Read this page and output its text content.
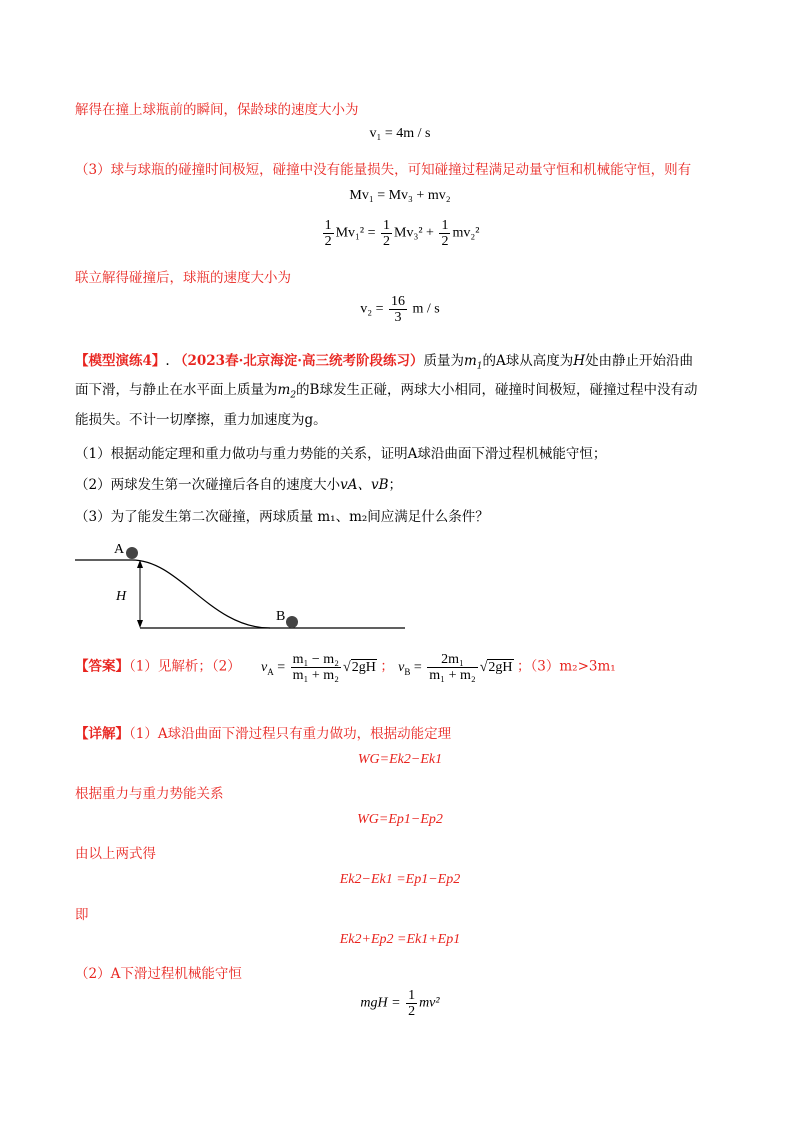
解得在撞上球瓶前的瞬间，保龄球的速度大小为
v₁ = 4m / s
（3）球与球瓶的碰撞时间极短，碰撞中没有能量损失，可知碰撞过程满足动量守恒和机械能守恒，则有
Mv₁ = Mv₃ + mv₂
$\frac{1}{2} Mv_1^2 = \frac{1}{2} Mv_3^2 + \frac{1}{2} mv_2^2$
联立解得碰撞后，球瓶的速度大小为
$v_2 = \frac{16}{3}$ m / s
【模型演练4】. （2023春·北京海淀·高三统考阶段练习）质量为$m_1$的A球从高度为H处由静止开始沿曲
面下滑，与静止在水平面上质量为$m_2$的B球发生正碰，两球大小相同，碰撞时间极短，碰撞过程中没有动
能损失。不计一切摩擦，重力加速度为g。
（1）根据动能定理和重力做功与重力势能的关系，证明A球沿曲面下滑过程机械能守恒；
（2）两球发生第一次碰撞后各自的速度大小vA、vB；
（3）为了能发生第二次碰撞，两球质量 m₁、m₂间应满足什么条件？
A
B
H
【答案】（1）见解析；（2） $v_A = \frac{\text{m₁ − m₂}}{\text{m₁ + m₂}} √2gH$ ； $v_B = \frac{\text{2m₁}}{\text{m₁ + m₂}} √2gH$ ；（3）m₂>3m₁
【详解】（1）A球沿曲面下滑过程只有重力做功，根据动能定理
WG=Ek2−Ek1
根据重力与重力势能关系
WG=Ep1−Ep2
由以上两式得
Ek2−Ek1 =Ep1−Ep2
即
Ek2+Ep2 =Ek1+Ep1
（2）A下滑过程机械能守恒
mgH = $\frac{1}{2} mv^2$
